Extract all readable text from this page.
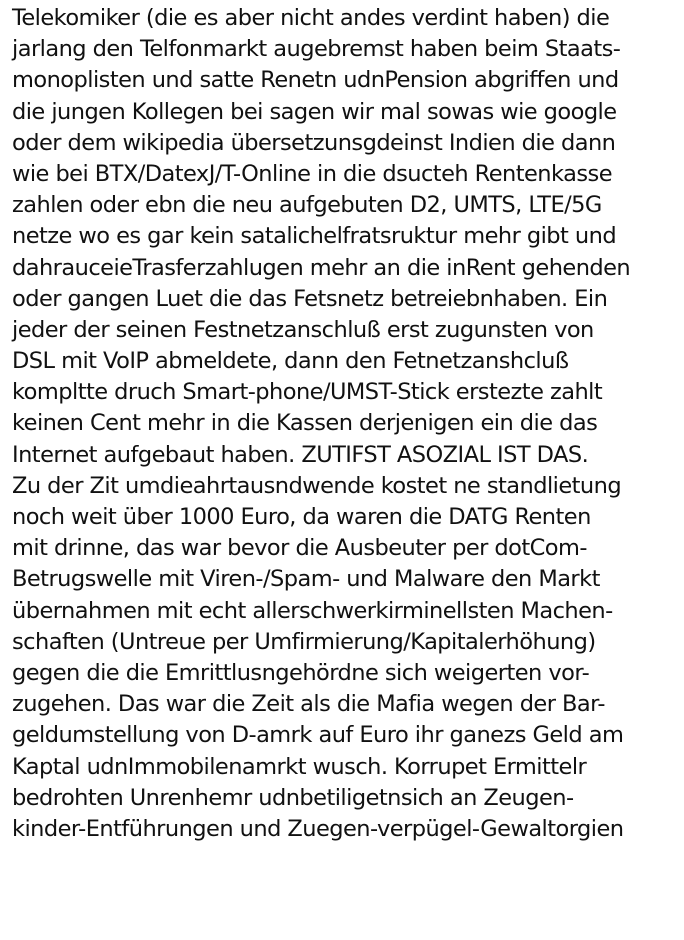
Telekomiker (die es aber nicht andes verdint haben) die
jarlang den Telfonmarkt augebremst haben beim Staats-
monoplisten und satte Renetn udnPension abgriffen und
die jungen Kollegen bei sagen wir mal sowas wie google
oder dem wikipedia übersetzunsgdeinst Indien die dann
wie bei BTX/DatexJ/T-Online in die dsucteh Rentenkasse
zahlen oder ebn die neu aufgebuten D2, UMTS, LTE/5G
netze wo es gar kein satalichelfratsruktur mehr gibt und
dahrauceieTrasferzahlugen mehr an die inRent gehenden
oder gangen Luet die das Fetsnetz betreiebnhaben. Ein
jeder der seinen Festnetzanschluß erst zugunsten von
DSL mit VoIP abmeldete, dann den Fetnetzanshcluß
kompltte druch Smart-phone/UMST-Stick erstezte zahlt
keinen Cent mehr in die Kassen derjenigen ein die das
Internet aufgebaut haben. ZUTIFST ASOZIAL IST DAS.
Zu der Zit umdieahrtausndwende kostet ne standlietung
noch weit über 1000 Euro, da waren die DATG Renten
mit drinne, das war bevor die Ausbeuter per dotCom-
Betrugswelle mit Viren-/Spam- und Malware den Markt
übernahmen mit echt allerschwerkirminellsten Machen-
schaften (Untreue per Umfirmierung/Kapitalerhöhung)
gegen die die Emrittlusngehördne sich weigerten vor-
zugehen. Das war die Zeit als die Mafia wegen der Bar-
geldumstellung von D-amrk auf Euro ihr ganezs Geld am
Kaptal udnImmobilenamrkt wusch. Korrupet Ermittelr
bedrohten Unrenhemr udnbetiligetnsich an Zeugen-
kinder-Entführungen und Zuegen-verpügel-Gewaltorgien
